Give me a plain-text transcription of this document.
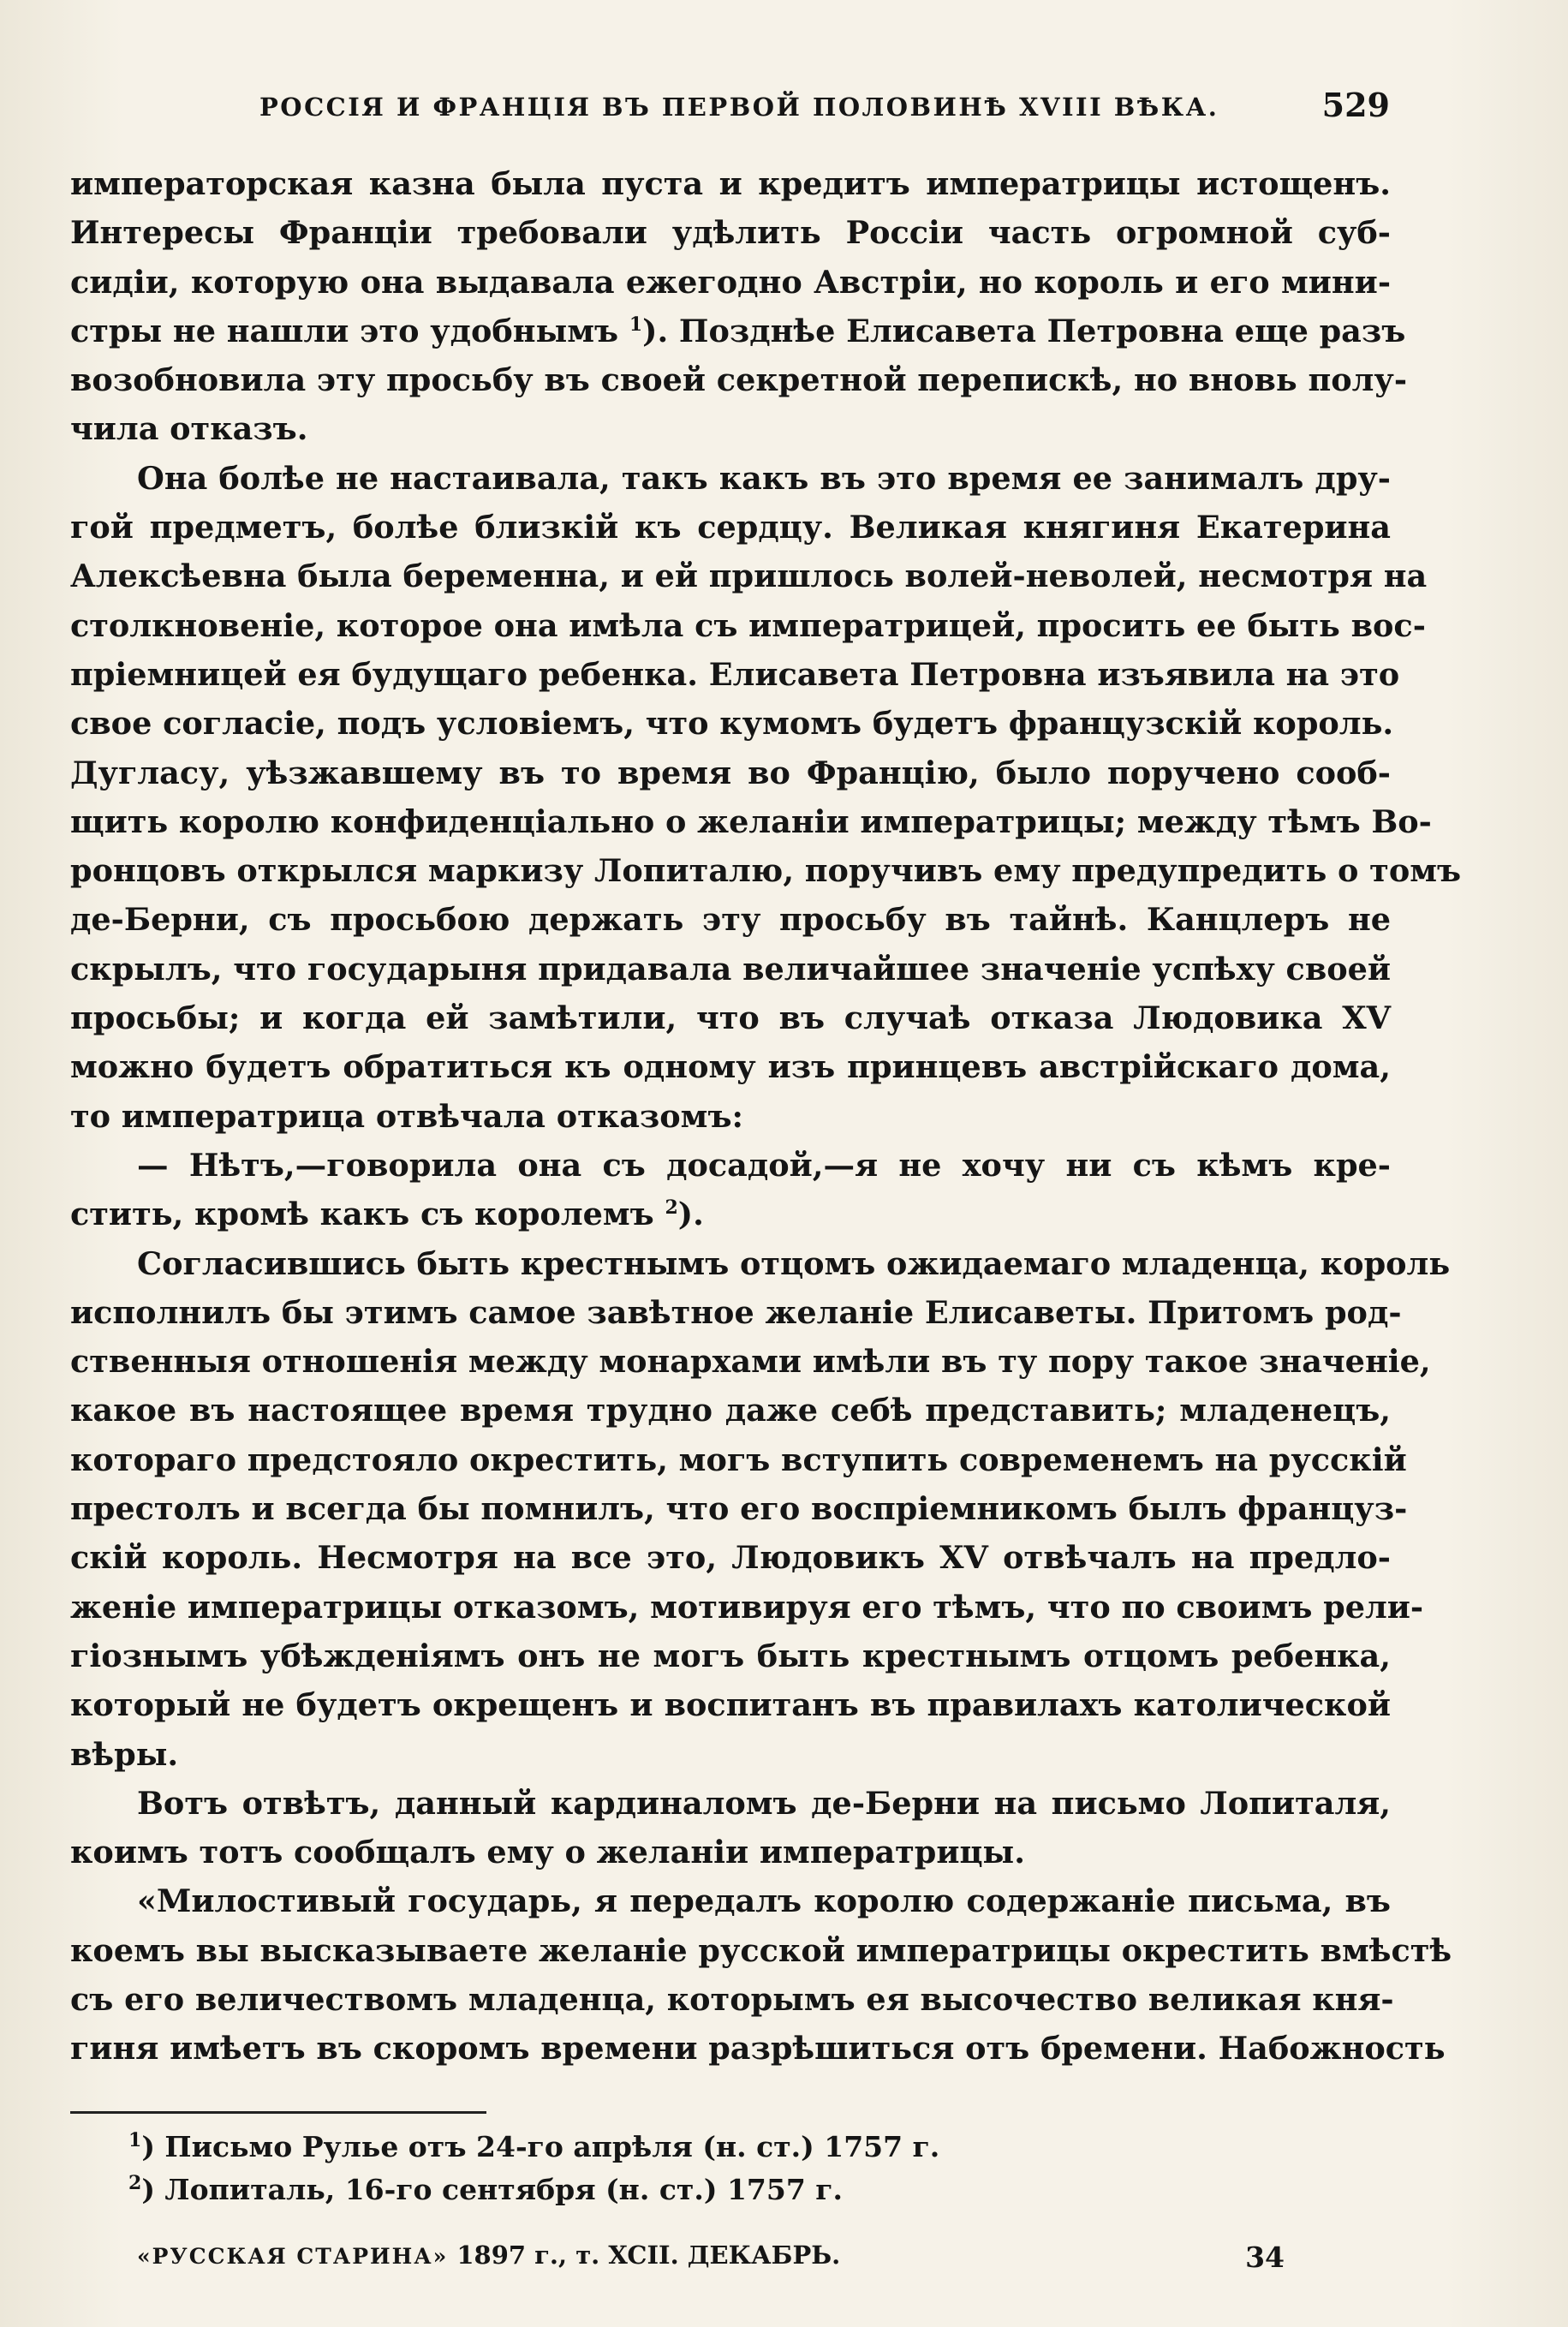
РОССІЯ И ФРАНЦІЯ ВЪ ПЕРВОЙ ПОЛОВИНѢ XVIII ВѢКА.	529
императорская казна была пуста и кредитъ императрицы истощенъ.
Интересы Франціи требовали удѣлить Россіи часть огромной суб-
сидіи, которую она выдавала ежегодно Австріи, но король и его мини-
стры не нашли это удобнымъ $^1$). Позднѣе Елисавета Петровна еще разъ
возобновила эту просьбу въ своей секретной перепискѣ, но вновь полу-
чила отказъ.
Она болѣе не настаивала, такъ какъ въ это время ее занималъ дру-
гой предметъ, болѣе близкій къ сердцу. Великая княгиня Екатерина
Алексѣевна была беременна, и ей пришлось волей-неволей, несмотря на
столкновеніе, которое она имѣла съ императрицей, просить ее быть вос-
пріемницей ея будущаго ребенка. Елисавета Петровна изъявила на это
свое согласіе, подъ условіемъ, что кумомъ будетъ французскій король.
Дугласу, уѣзжавшему въ то время во Францію, было поручено сооб-
щить королю конфиденціально о желаніи императрицы; между тѣмъ Во-
ронцовъ открылся маркизу Лопиталю, поручивъ ему предупредить о томъ
де-Берни, съ просьбою держать эту просьбу въ тайнѣ. Канцлеръ не
скрылъ, что государыня придавала величайшее значеніе успѣху своей
просьбы; и когда ей замѣтили, что въ случаѣ отказа Людовика XV
можно будетъ обратиться къ одному изъ принцевъ австрійскаго дома,
то императрица отвѣчала отказомъ:
— Нѣтъ,—говорила она съ досадой,—я не хочу ни съ кѣмъ кре-
стить, кромѣ какъ съ королемъ $^2$).
Согласившись быть крестнымъ отцомъ ожидаемаго младенца, король
исполнилъ бы этимъ самое завѣтное желаніе Елисаветы. Притомъ род-
ственныя отношенія между монархами имѣли въ ту пору такое значеніе,
какое въ настоящее время трудно даже себѣ представить; младенецъ,
котораго предстояло окрестить, могъ вступить современемъ на русскій
престолъ и всегда бы помнилъ, что его воспріемникомъ былъ француз-
скій король. Несмотря на все это, Людовикъ XV отвѣчалъ на предло-
женіе императрицы отказомъ, мотивируя его тѣмъ, что по своимъ рели-
гіознымъ убѣжденіямъ онъ не могъ быть крестнымъ отцомъ ребенка,
который не будетъ окрещенъ и воспитанъ въ правилахъ католической
вѣры.
Вотъ отвѣтъ, данный кардиналомъ де-Берни на письмо Лопиталя,
коимъ тотъ сообщалъ ему о желаніи императрицы.
«Милостивый государь, я передалъ королю содержаніе письма, въ
коемъ вы высказываете желаніе русской императрицы окрестить вмѣстѣ
съ его величествомъ младенца, которымъ ея высочество великая кня-
гиня имѣетъ въ скоромъ времени разрѣшиться отъ бремени. Набожность
$^1$) Письмо Рулье отъ 24-го апрѣля (н. ст.) 1757 г.
$^2$) Лопиталь, 16-го сентября (н. ст.) 1757 г.
«РУССКАЯ СТАРИНА» 1897 г., т. XCII. ДЕКАБРЬ.	34
